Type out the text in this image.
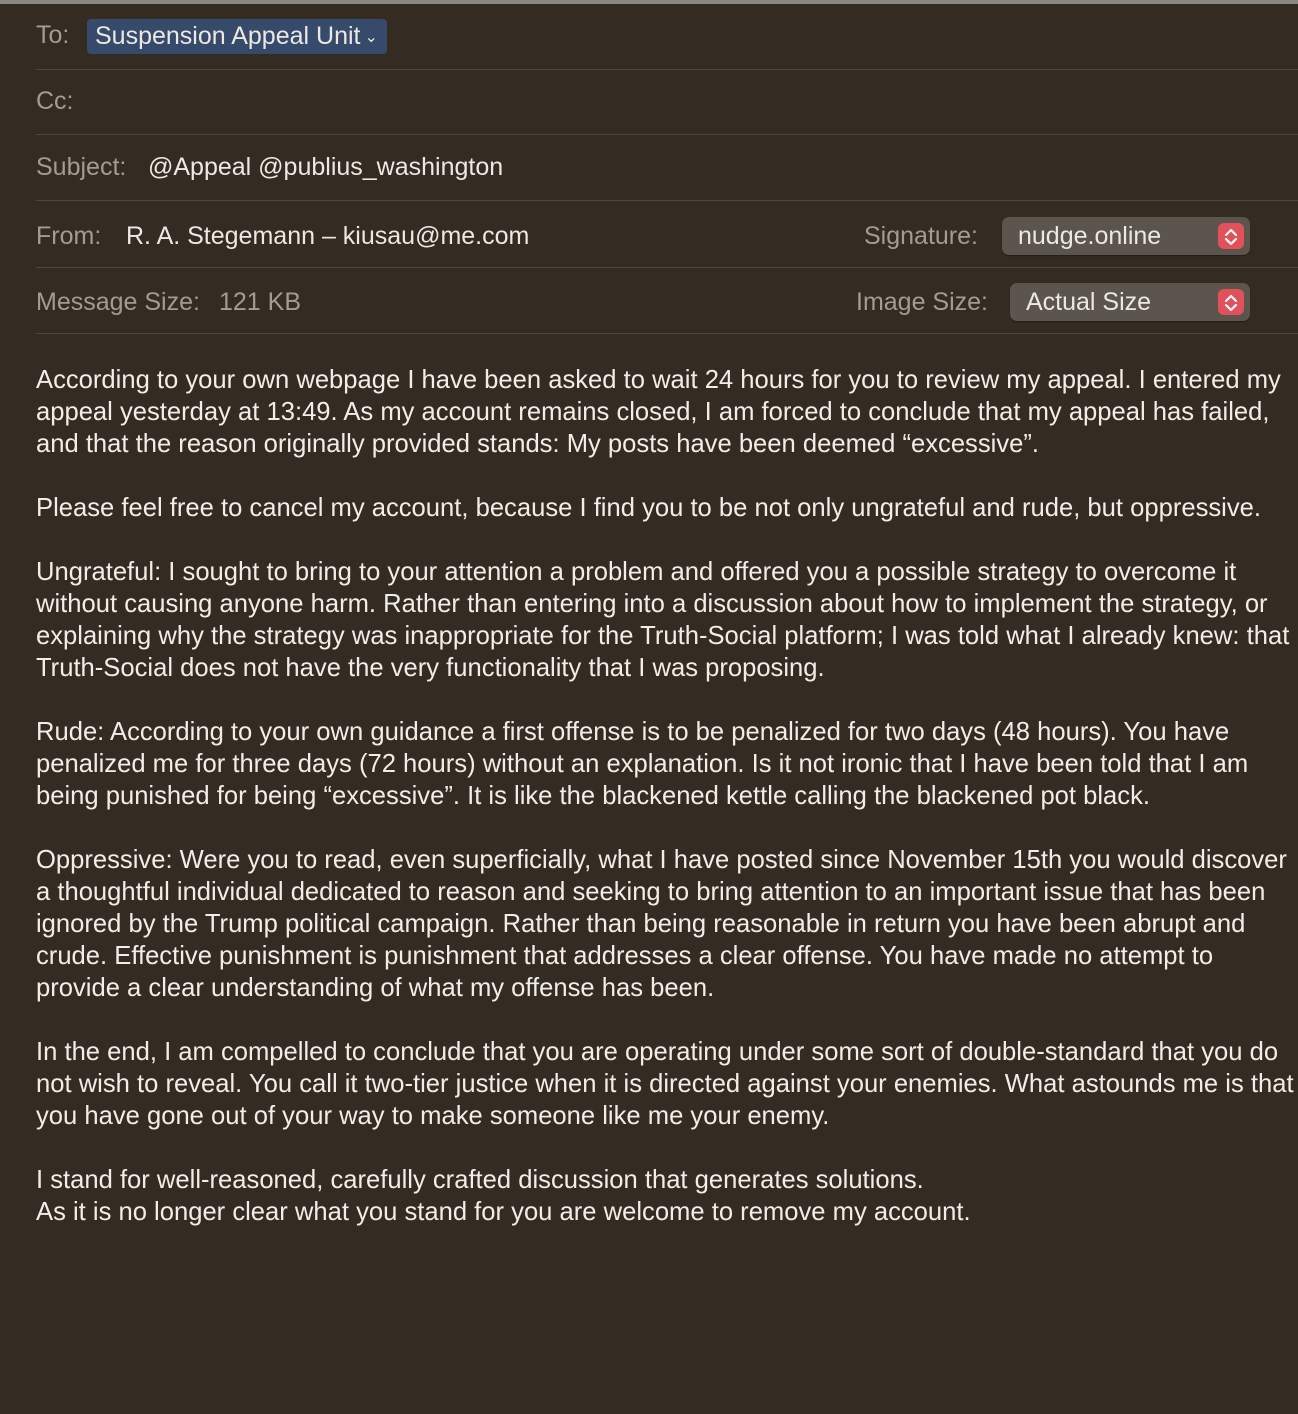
To:	Suspension Appeal Unit ⌄
Cc:
Subject: @Appeal @publius_washington
From: R. A. Stegemann – kiusau@me.com	Signature:	nudge.online
Message Size: 121 KB	Image Size:	Actual Size

According to your own webpage I have been asked to wait 24 hours for you to review my appeal. I entered my appeal yesterday at 13:49. As my account remains closed, I am forced to conclude that my appeal has failed, and that the reason originally provided stands: My posts have been deemed “excessive”.

Please feel free to cancel my account, because I find you to be not only ungrateful and rude, but oppressive.

Ungrateful: I sought to bring to your attention a problem and offered you a possible strategy to overcome it without causing anyone harm. Rather than entering into a discussion about how to implement the strategy, or explaining why the strategy was inappropriate for the Truth-Social platform; I was told what I already knew: that Truth-Social does not have the very functionality that I was proposing.

Rude: According to your own guidance a first offense is to be penalized for two days (48 hours). You have penalized me for three days (72 hours) without an explanation. Is it not ironic that I have been told that I am being punished for being “excessive”. It is like the blackened kettle calling the blackened pot black.

Oppressive: Were you to read, even superficially, what I have posted since November 15th you would discover a thoughtful individual dedicated to reason and seeking to bring attention to an important issue that has been ignored by the Trump political campaign. Rather than being reasonable in return you have been abrupt and crude. Effective punishment is punishment that addresses a clear offense. You have made no attempt to provide a clear understanding of what my offense has been.

In the end, I am compelled to conclude that you are operating under some sort of double-standard that you do not wish to reveal. You call it two-tier justice when it is directed against your enemies. What astounds me is that you have gone out of your way to make someone like me your enemy.

I stand for well-reasoned, carefully crafted discussion that generates solutions.

As it is no longer clear what you stand for you are welcome to remove my account.
